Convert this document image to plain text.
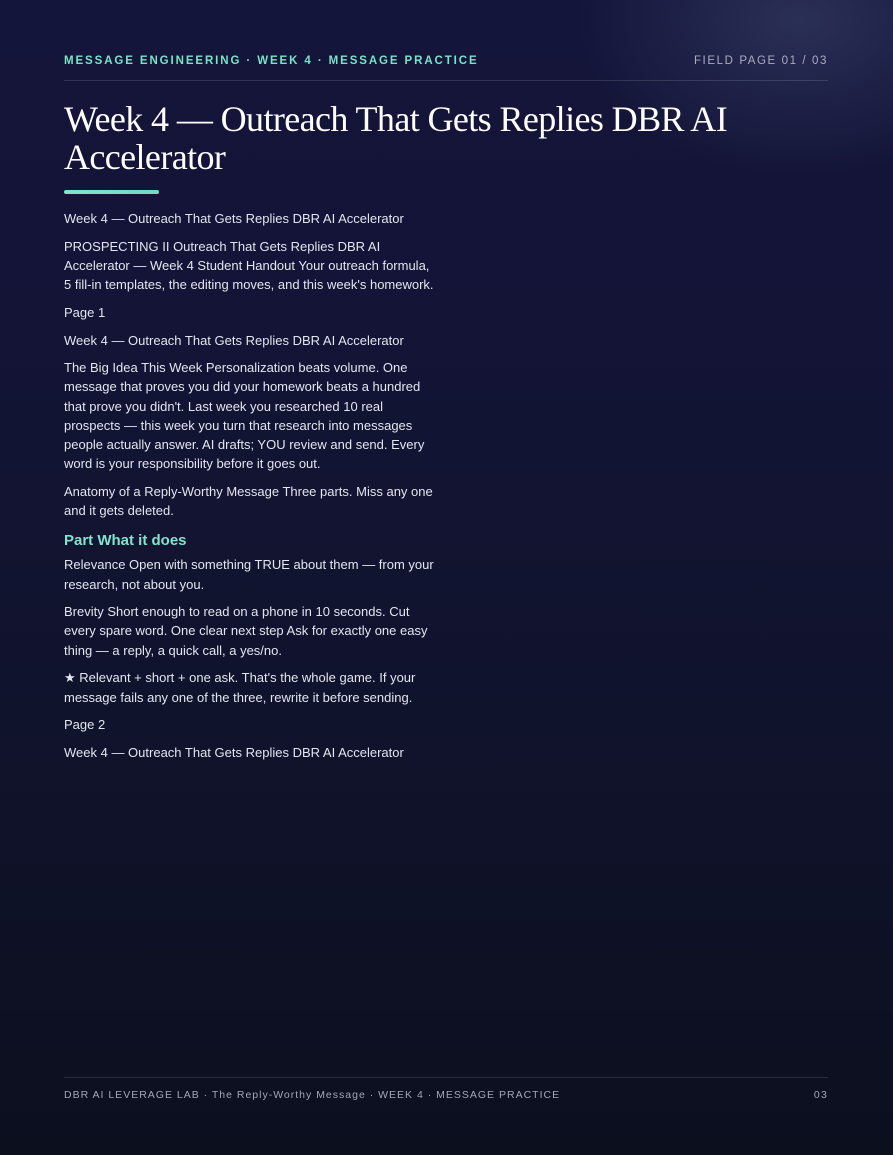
MESSAGE ENGINEERING · WEEK 4 · MESSAGE PRACTICE	FIELD PAGE 01 / 03
Week 4 — Outreach That Gets Replies DBR AI Accelerator

Week 4 — Outreach That Gets Replies DBR AI Accelerator

PROSPECTING II Outreach That Gets Replies DBR AI Accelerator — Week 4 Student Handout Your outreach formula, 5 fill-in templates, the editing moves, and this week's homework.

Page 1

Week 4 — Outreach That Gets Replies DBR AI Accelerator

The Big Idea This Week Personalization beats volume. One message that proves you did your homework beats a hundred that prove you didn't. Last week you researched 10 real prospects — this week you turn that research into messages people actually answer. AI drafts; YOU review and send. Every word is your responsibility before it goes out.

Anatomy of a Reply-Worthy Message Three parts. Miss any one and it gets deleted.

Part What it does

Relevance Open with something TRUE about them — from your research, not about you.

Brevity Short enough to read on a phone in 10 seconds. Cut every spare word. One clear next step Ask for exactly one easy thing — a reply, a quick call, a yes/no.

★ Relevant + short + one ask. That's the whole game. If your message fails any one of the three, rewrite it before sending.

Page 2

Week 4 — Outreach That Gets Replies DBR AI Accelerator

DBR AI LEVERAGE LAB · The Reply-Worthy Message · WEEK 4 · MESSAGE PRACTICE	03
